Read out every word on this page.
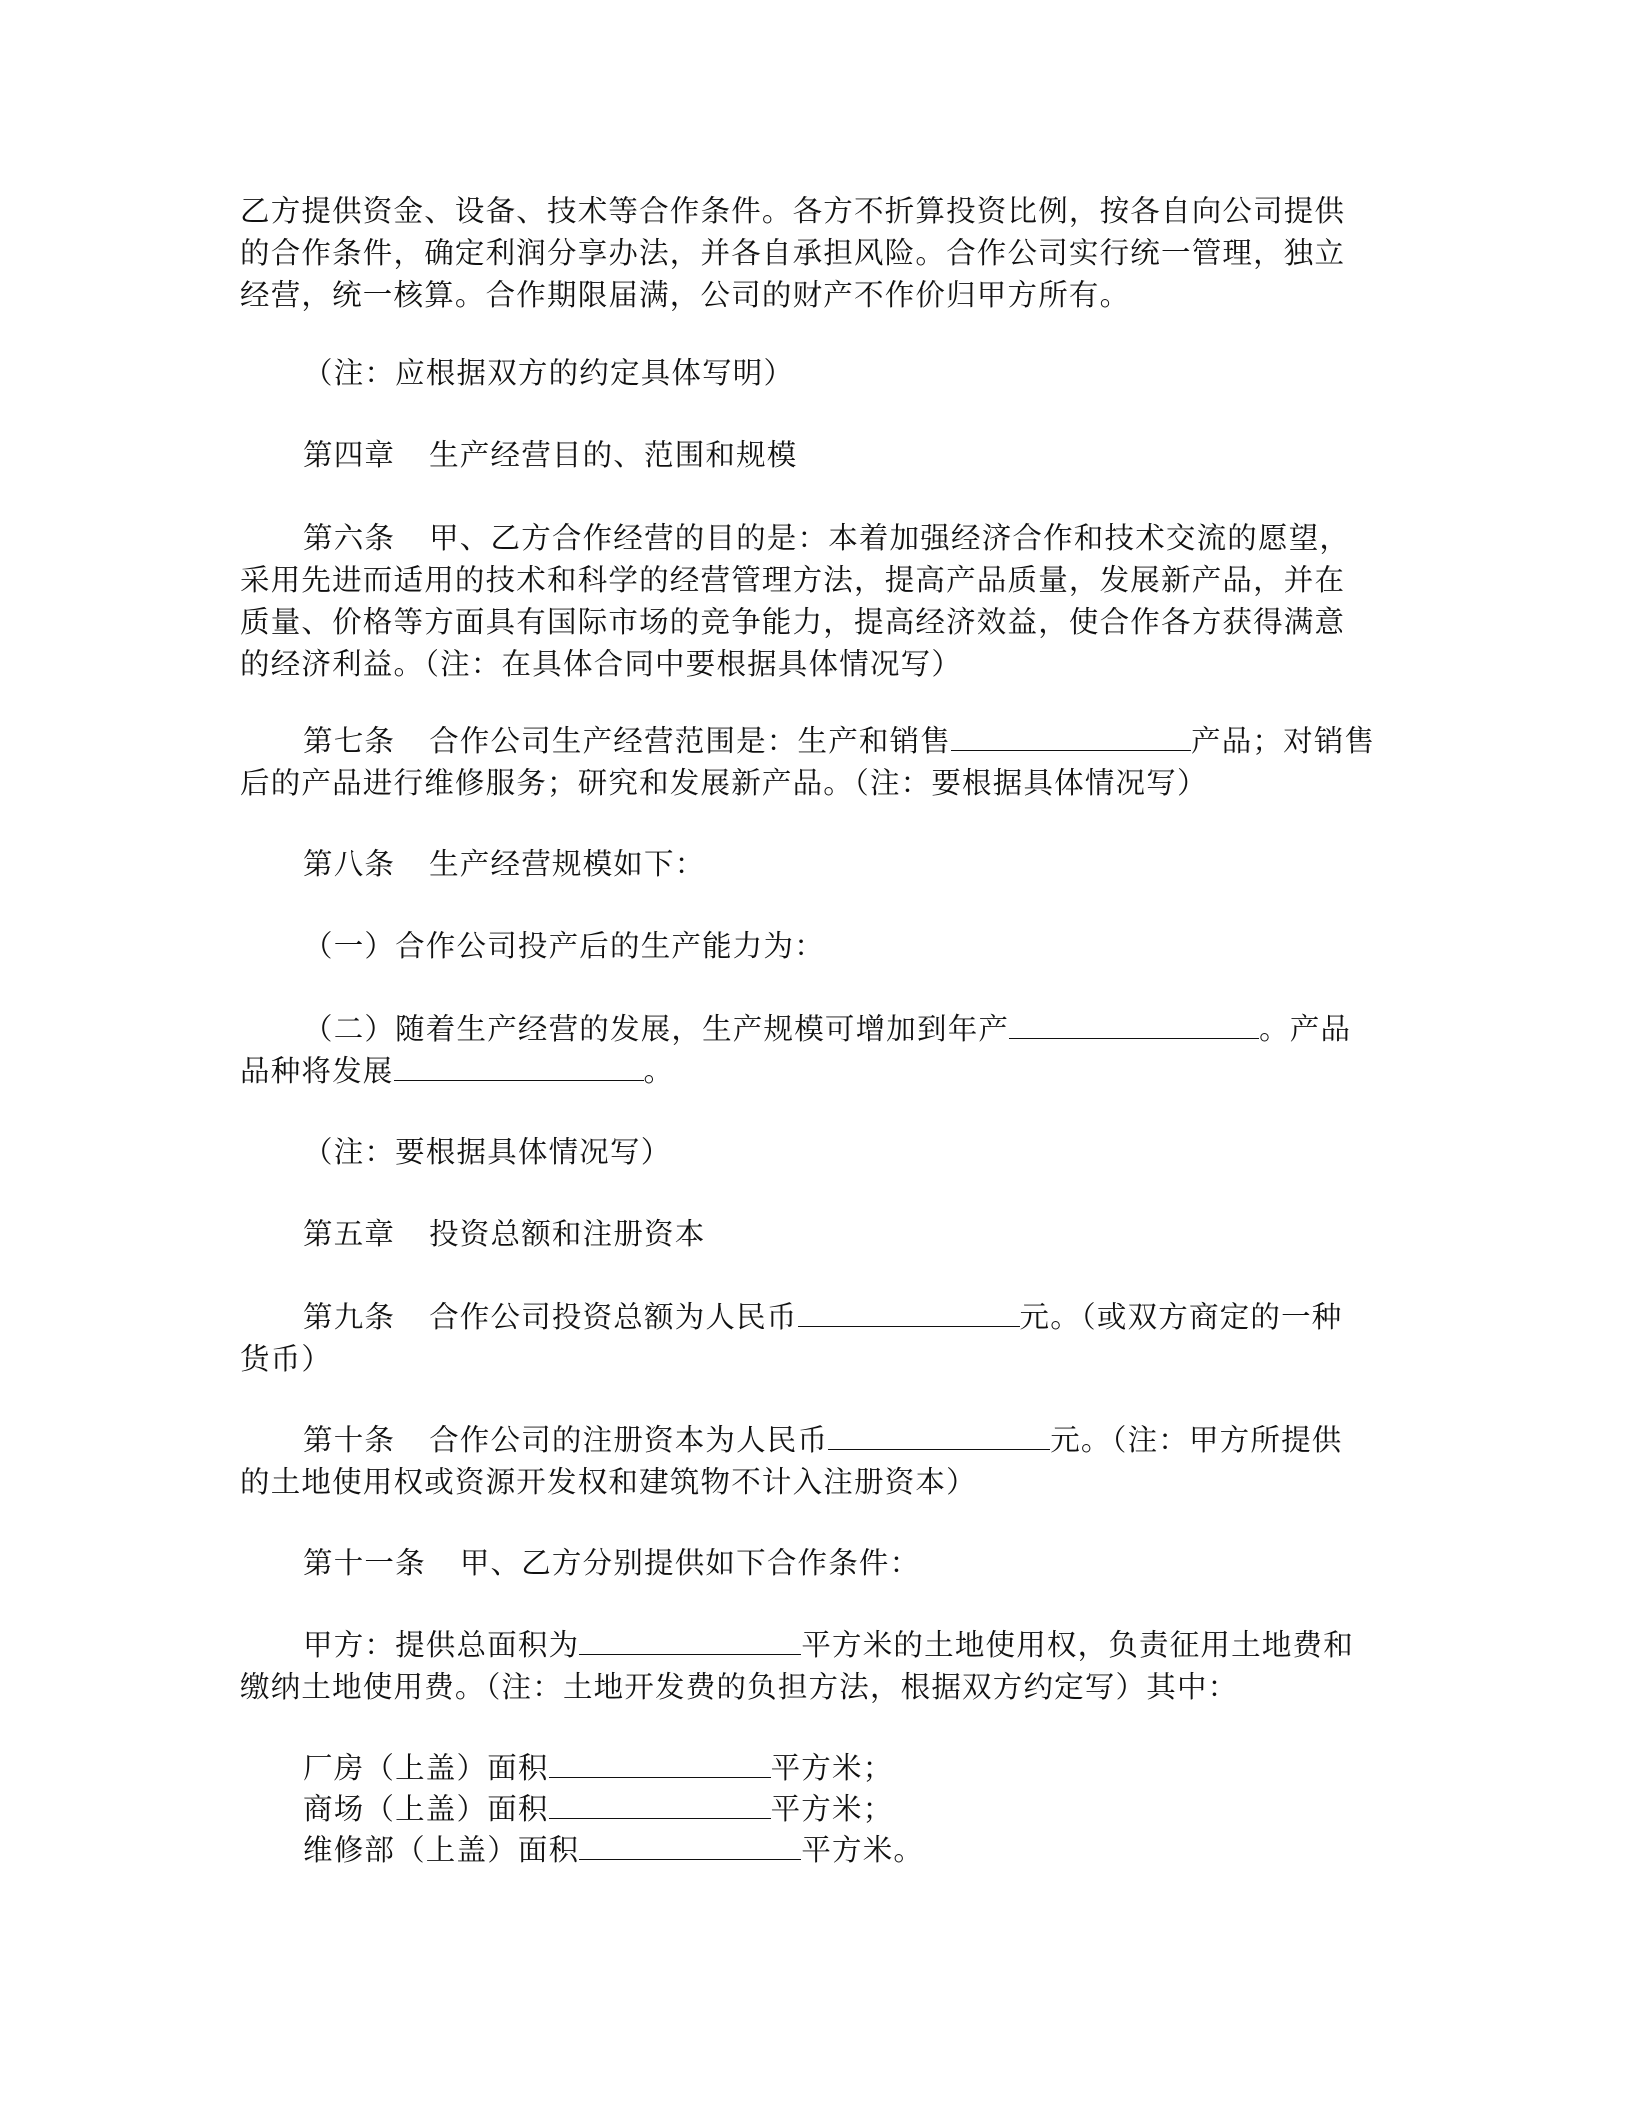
乙方提供资金、设备、技术等合作条件。各方不折算投资比例，按各自向公司提供
的合作条件，确定利润分享办法，并各自承担风险。合作公司实行统一管理，独立
经营，统一核算。合作期限届满，公司的财产不作价归甲方所有。
（注：应根据双方的约定具体写明）
第四章 生产经营目的、范围和规模
第六条 甲、乙方合作经营的目的是：本着加强经济合作和技术交流的愿望，
采用先进而适用的技术和科学的经营管理方法，提高产品质量，发展新产品，并在
质量、价格等方面具有国际市场的竞争能力，提高经济效益，使合作各方获得满意
的经济利益。（注：在具体合同中要根据具体情况写）
第七条 合作公司生产经营范围是：生产和销售	产品；对销售
后的产品进行维修服务；研究和发展新产品。（注：要根据具体情况写）
第八条 生产经营规模如下：
（一）合作公司投产后的生产能力为：
（二）随着生产经营的发展，生产规模可增加到年产	。产品
品种将发展	。
（注：要根据具体情况写）
第五章 投资总额和注册资本
第九条 合作公司投资总额为人民币	元。（或双方商定的一种
货币）
第十条 合作公司的注册资本为人民币	元。（注：甲方所提供
的土地使用权或资源开发权和建筑物不计入注册资本）
第十一条 甲、乙方分别提供如下合作条件：
甲方：提供总面积为	平方米的土地使用权，负责征用土地费和
缴纳土地使用费。（注：土地开发费的负担方法，根据双方约定写）其中：
厂房（上盖）面积	平方米；
商场（上盖）面积	平方米；
维修部（上盖）面积	平方米。
